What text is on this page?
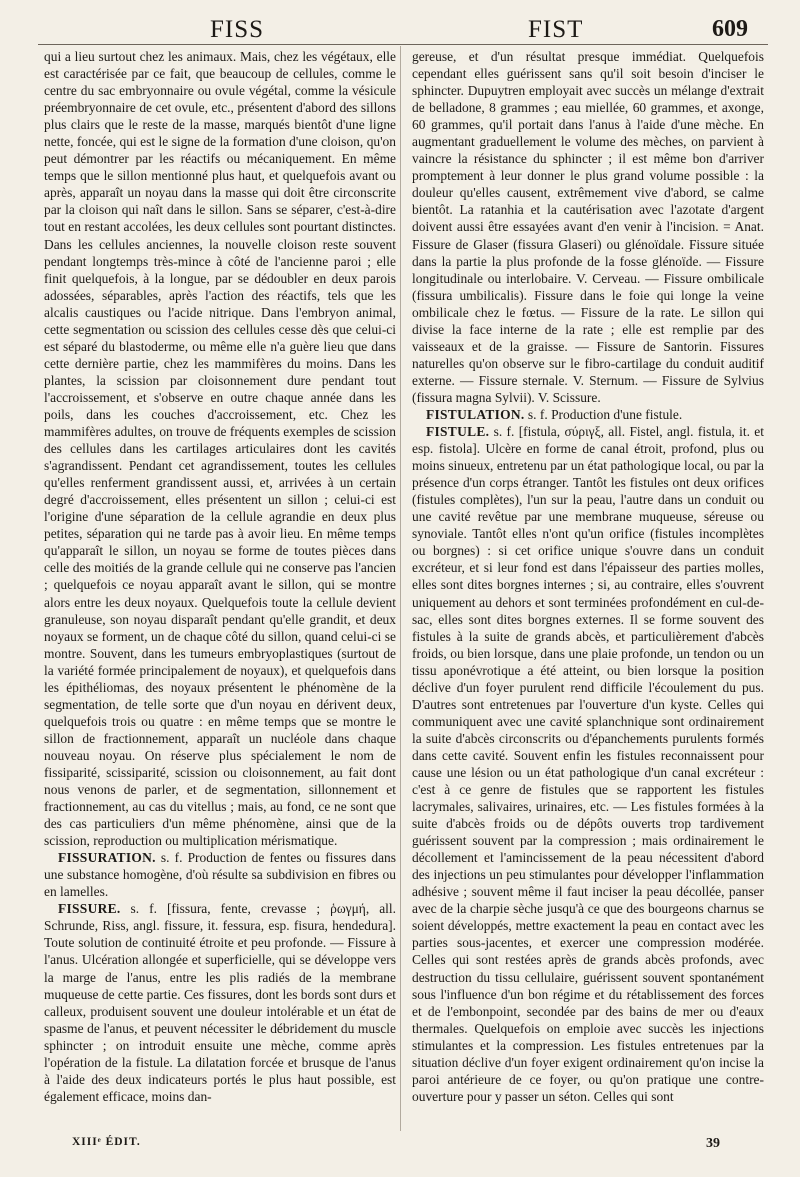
FISS	FIST	609

qui a lieu surtout chez les animaux. Mais, chez les végétaux, elle est caractérisée par ce fait, que beaucoup de cellules, comme le centre du sac embryonnaire ou ovule végétal, comme la vésicule préembryonnaire de cet ovule, etc., présentent d'abord des sillons plus clairs que le reste de la masse, marqués bientôt d'une ligne nette, foncée, qui est le signe de la formation d'une cloison, qu'on peut démontrer par les réactifs ou mécaniquement. En même temps que le sillon mentionné plus haut, et quelquefois avant ou après, apparaît un noyau dans la masse qui doit être circonscrite par la cloison qui naît dans le sillon. Sans se séparer, c'est-à-dire tout en restant accolées, les deux cellules sont pourtant distinctes. Dans les cellules anciennes, la nouvelle cloison reste souvent pendant longtemps très-mince à côté de l'ancienne paroi ; elle finit quelquefois, à la longue, par se dédoubler en deux parois adossées, séparables, après l'action des réactifs, tels que les alcalis caustiques ou l'acide nitrique. Dans l'embryon animal, cette segmentation ou scission des cellules cesse dès que celui-ci est séparé du blastoderme, ou même elle n'a guère lieu que dans cette dernière partie, chez les mammifères du moins. Dans les plantes, la scission par cloisonnement dure pendant tout l'accroissement, et s'observe en outre chaque année dans les poils, dans les couches d'accroissement, etc. Chez les mammifères adultes, on trouve de fréquents exemples de scission des cellules dans les cartilages articulaires dont les cavités s'agrandissent. Pendant cet agrandissement, toutes les cellules qu'elles renferment grandissent aussi, et, arrivées à un certain degré d'accroissement, elles présentent un sillon ; celui-ci est l'origine d'une séparation de la cellule agrandie en deux plus petites, séparation qui ne tarde pas à avoir lieu. En même temps qu'apparaît le sillon, un noyau se forme de toutes pièces dans celle des moitiés de la grande cellule qui ne conserve pas l'ancien ; quelquefois ce noyau apparaît avant le sillon, qui se montre alors entre les deux noyaux. Quelquefois toute la cellule devient granuleuse, son noyau disparaît pendant qu'elle grandit, et deux noyaux se forment, un de chaque côté du sillon, quand celui-ci se montre. Souvent, dans les tumeurs embryoplastiques (surtout de la variété formée principalement de noyaux), et quelquefois dans les épithéliomas, des noyaux présentent le phénomène de la segmentation, de telle sorte que d'un noyau en dérivent deux, quelquefois trois ou quatre : en même temps que se montre le sillon de fractionnement, apparaît un nucléole dans chaque nouveau noyau. On réserve plus spécialement le nom de fissiparité, scissiparité, scission ou cloisonnement, au fait dont nous venons de parler, et de segmentation, sillonnement et fractionnement, au cas du vitellus ; mais, au fond, ce ne sont que des cas particuliers d'un même phénomène, ainsi que de la scission, reproduction ou multiplication mérismatique.

FISSURATION. s. f. Production de fentes ou fissures dans une substance homogène, d'où résulte sa subdivision en fibres ou en lamelles.

FISSURE. s. f. [fissura, fente, crevasse ; ῥωγμή, all. Schrunde, Riss, angl. fissure, it. fessura, esp. fisura, hendedura]. Toute solution de continuité étroite et peu profonde. — Fissure à l'anus. Ulcération allongée et superficielle, qui se développe vers la marge de l'anus, entre les plis radiés de la membrane muqueuse de cette partie. Ces fissures, dont les bords sont durs et calleux, produisent souvent une douleur intolérable et un état de spasme de l'anus, et peuvent nécessiter le débridement du muscle sphincter ; on introduit ensuite une mèche, comme après l'opération de la fistule. La dilatation forcée et brusque de l'anus à l'aide des deux indicateurs portés le plus haut possible, est également efficace, moins dan-

gereuse, et d'un résultat presque immédiat. Quelquefois cependant elles guérissent sans qu'il soit besoin d'inciser le sphincter. Dupuytren employait avec succès un mélange d'extrait de belladone, 8 grammes ; eau miellée, 60 grammes, et axonge, 60 grammes, qu'il portait dans l'anus à l'aide d'une mèche. En augmentant graduellement le volume des mèches, on parvient à vaincre la résistance du sphincter ; il est même bon d'arriver promptement à leur donner le plus grand volume possible : la douleur qu'elles causent, extrêmement vive d'abord, se calme bientôt. La ratanhia et la cautérisation avec l'azotate d'argent doivent aussi être essayées avant d'en venir à l'incision. = Anat. Fissure de Glaser (fissura Glaseri) ou glénoïdale. Fissure située dans la partie la plus profonde de la fosse glénoïde. — Fissure longitudinale ou interlobaire. V. Cerveau. — Fissure ombilicale (fissura umbilicalis). Fissure dans le foie qui longe la veine ombilicale chez le fœtus. — Fissure de la rate. Le sillon qui divise la face interne de la rate ; elle est remplie par des vaisseaux et de la graisse. — Fissure de Santorin. Fissures naturelles qu'on observe sur le fibro-cartilage du conduit auditif externe. — Fissure sternale. V. Sternum. — Fissure de Sylvius (fissura magna Sylvii). V. Scissure.

FISTULATION. s. f. Production d'une fistule.

FISTULE. s. f. [fistula, σύριγξ, all. Fistel, angl. fistula, it. et esp. fistola]. Ulcère en forme de canal étroit, profond, plus ou moins sinueux, entretenu par un état pathologique local, ou par la présence d'un corps étranger. Tantôt les fistules ont deux orifices (fistules complètes), l'un sur la peau, l'autre dans un conduit ou une cavité revêtue par une membrane muqueuse, séreuse ou synoviale. Tantôt elles n'ont qu'un orifice (fistules incomplètes ou borgnes) : si cet orifice unique s'ouvre dans un conduit excréteur, et si leur fond est dans l'épaisseur des parties molles, elles sont dites borgnes internes ; si, au contraire, elles s'ouvrent uniquement au dehors et sont terminées profondément en cul-de-sac, elles sont dites borgnes externes. Il se forme souvent des fistules à la suite de grands abcès, et particulièrement d'abcès froids, ou bien lorsque, dans une plaie profonde, un tendon ou un tissu aponévrotique a été atteint, ou bien lorsque la position déclive d'un foyer purulent rend difficile l'écoulement du pus. D'autres sont entretenues par l'ouverture d'un kyste. Celles qui communiquent avec une cavité splanchnique sont ordinairement la suite d'abcès circonscrits ou d'épanchements purulents formés dans cette cavité. Souvent enfin les fistules reconnaissent pour cause une lésion ou un état pathologique d'un canal excréteur : c'est à ce genre de fistules que se rapportent les fistules lacrymales, salivaires, urinaires, etc. — Les fistules formées à la suite d'abcès froids ou de dépôts ouverts trop tardivement guérissent souvent par la compression ; mais ordinairement le décollement et l'amincissement de la peau nécessitent d'abord des injections un peu stimulantes pour développer l'inflammation adhésive ; souvent même il faut inciser la peau décollée, panser avec de la charpie sèche jusqu'à ce que des bourgeons charnus se soient développés, mettre exactement la peau en contact avec les parties sous-jacentes, et exercer une compression modérée. Celles qui sont restées après de grands abcès profonds, avec destruction du tissu cellulaire, guérissent souvent spontanément sous l'influence d'un bon régime et du rétablissement des forces et de l'embonpoint, secondée par des bains de mer ou d'eaux thermales. Quelquefois on emploie avec succès les injections stimulantes et la compression. Les fistules entretenues par la situation déclive d'un foyer exigent ordinairement qu'on incise la paroi antérieure de ce foyer, ou qu'on pratique une contre-ouverture pour y passer un séton. Celles qui sont

XIIIᵉ ÉDIT.	39
